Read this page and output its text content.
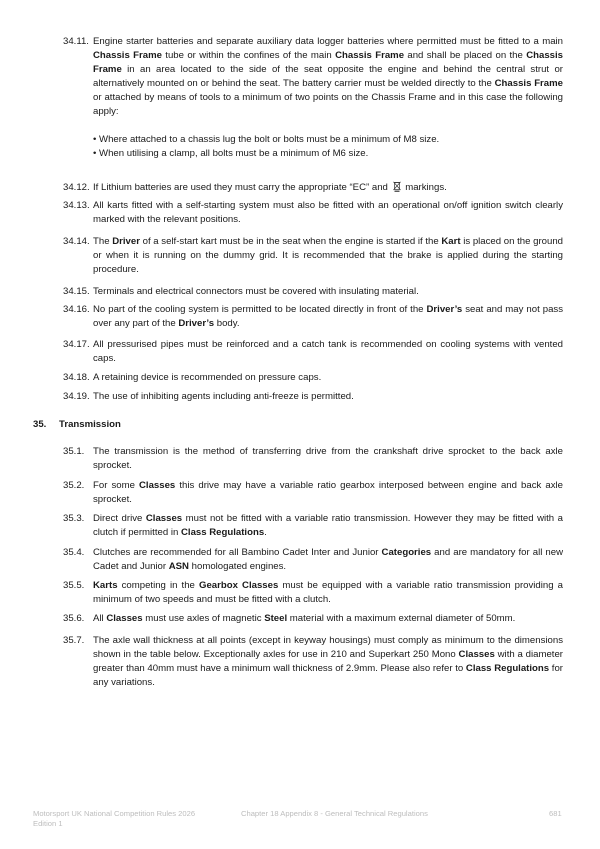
34.11. Engine starter batteries and separate auxiliary data logger batteries where permitted must be fitted to a main Chassis Frame tube or within the confines of the main Chassis Frame and shall be placed on the Chassis Frame in an area located to the side of the seat opposite the engine and behind the central strut or alternatively mounted on or behind the seat. The battery carrier must be welded directly to the Chassis Frame or attached by means of tools to a minimum of two points on the Chassis Frame and in this case the following apply:
• Where attached to a chassis lug the bolt or bolts must be a minimum of M8 size.
• When utilising a clamp, all bolts must be a minimum of M6 size.
34.12. If Lithium batteries are used they must carry the appropriate “EC” and  markings.
34.13. All karts fitted with a self-starting system must also be fitted with an operational on/off ignition switch clearly marked with the relevant positions.
34.14. The Driver of a self-start kart must be in the seat when the engine is started if the Kart is placed on the ground or when it is running on the dummy grid. It is recommended that the brake is applied during the starting procedure.
34.15. Terminals and electrical connectors must be covered with insulating material.
34.16. No part of the cooling system is permitted to be located directly in front of the Driver’s seat and may not pass over any part of the Driver’s body.
34.17. All pressurised pipes must be reinforced and a catch tank is recommended on cooling systems with vented caps.
34.18. A retaining device is recommended on pressure caps.
34.19. The use of inhibiting agents including anti-freeze is permitted.
35. Transmission
35.1. The transmission is the method of transferring drive from the crankshaft drive sprocket to the back axle sprocket.
35.2. For some Classes this drive may have a variable ratio gearbox interposed between engine and back axle sprocket.
35.3. Direct drive Classes must not be fitted with a variable ratio transmission. However they may be fitted with a clutch if permitted in Class Regulations.
35.4. Clutches are recommended for all Bambino Cadet Inter and Junior Categories and are mandatory for all new Cadet and Junior ASN homologated engines.
35.5. Karts competing in the Gearbox Classes must be equipped with a variable ratio transmission providing a minimum of two speeds and must be fitted with a clutch.
35.6. All Classes must use axles of magnetic Steel material with a maximum external diameter of 50mm.
35.7. The axle wall thickness at all points (except in keyway housings) must comply as minimum to the dimensions shown in the table below. Exceptionally axles for use in 210 and Superkart 250 Mono Classes with a diameter greater than 40mm must have a minimum wall thickness of 2.9mm. Please also refer to Class Regulations for any variations.
Motorsport UK National Competition Rules 2026
Edition 1
Chapter 18 Appendix 8 - General Technical Regulations	681
